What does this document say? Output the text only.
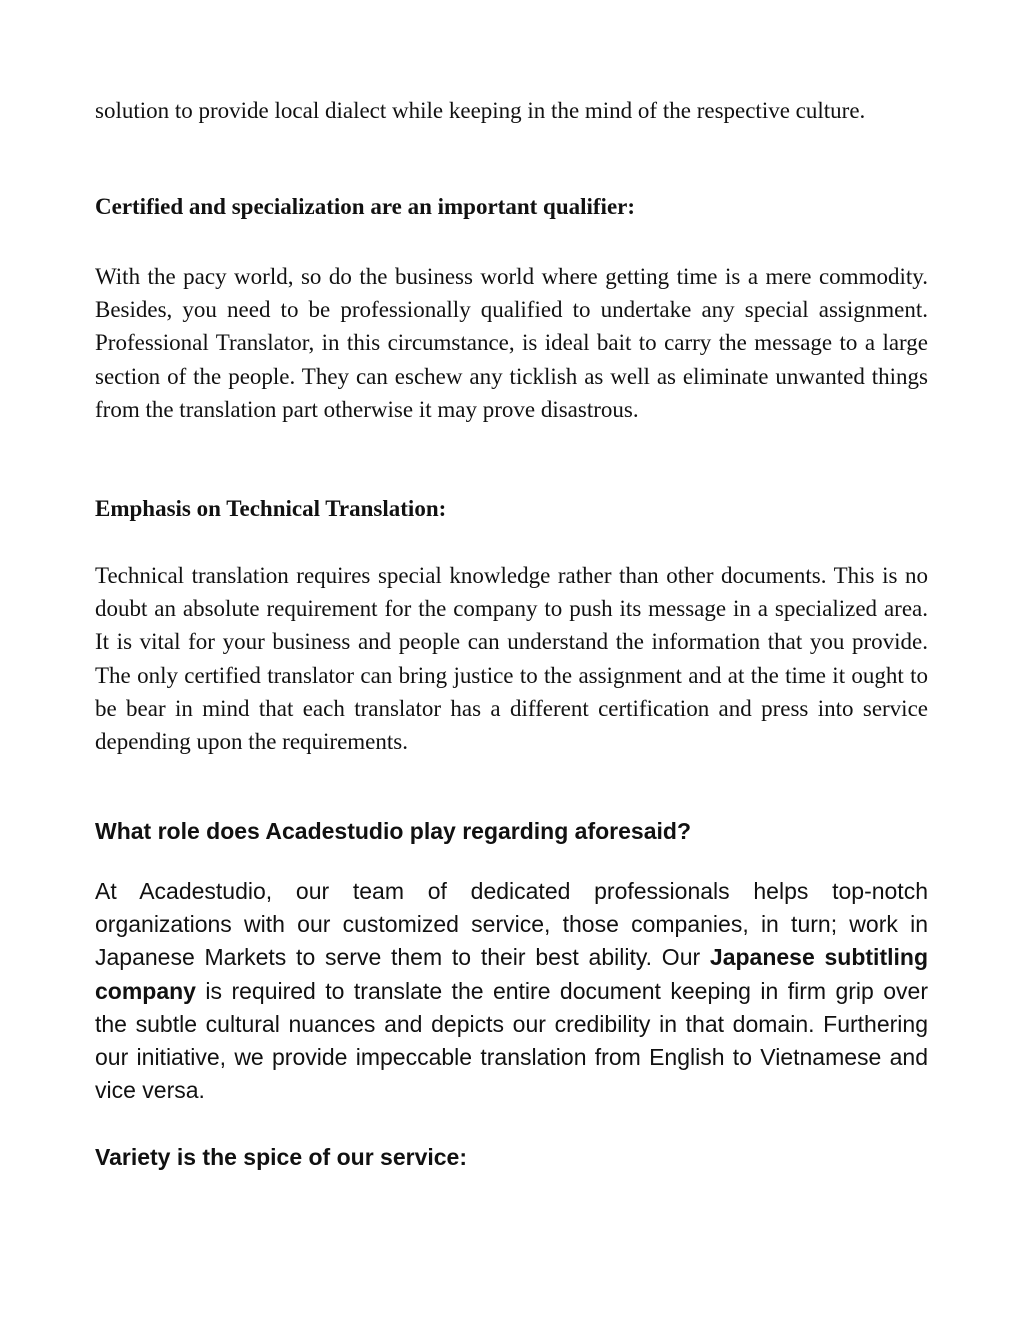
solution to provide local dialect while keeping in the mind of the respective culture.

Certified and specialization are an important qualifier:

With the pacy world, so do the business world where getting time is a mere commodity. Besides, you need to be professionally qualified to undertake any special assignment. Professional Translator, in this circumstance, is ideal bait to carry the message to a large section of the people. They can eschew any ticklish as well as eliminate unwanted things from the translation part otherwise it may prove disastrous.

Emphasis on Technical Translation:

Technical translation requires special knowledge rather than other documents. This is no doubt an absolute requirement for the company to push its message in a specialized area. It is vital for your business and people can understand the information that you provide. The only certified translator can bring justice to the assignment and at the time it ought to be bear in mind that each translator has a different certification and press into service depending upon the requirements.

What role does Acadestudio play regarding aforesaid?

At Acadestudio, our team of dedicated professionals helps top-notch organizations with our customized service, those companies, in turn; work in Japanese Markets to serve them to their best ability. Our Japanese subtitling company is required to translate the entire document keeping in firm grip over the subtle cultural nuances and depicts our credibility in that domain. Furthering our initiative, we provide impeccable translation from English to Vietnamese and vice versa.

Variety is the spice of our service:
